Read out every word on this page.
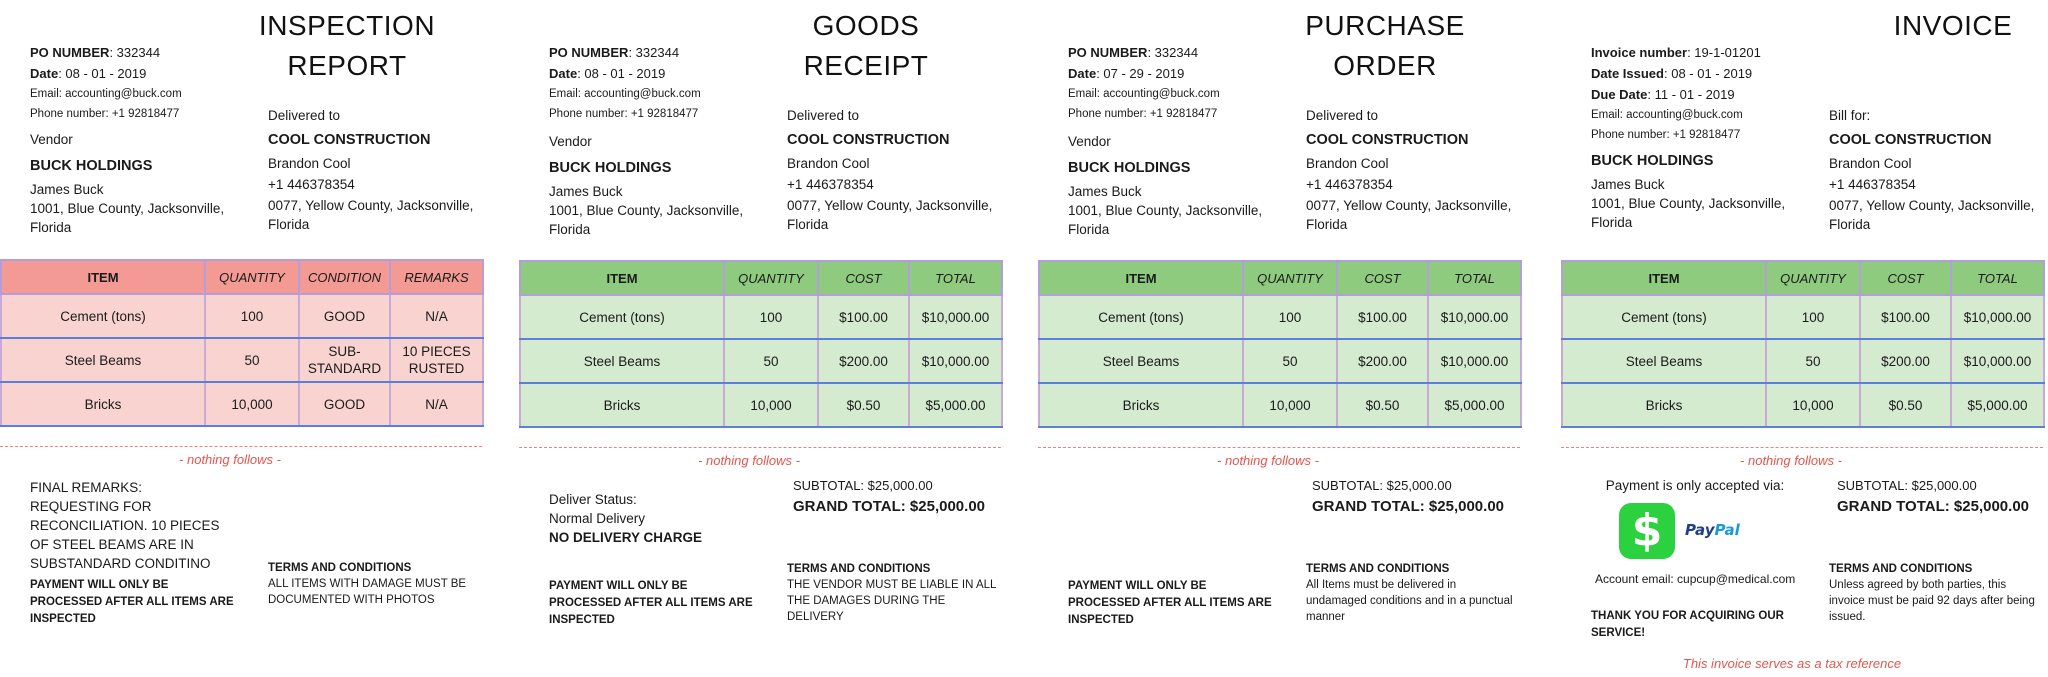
INSPECTION
REPORT
PO NUMBER: 332344
Date: 08 - 01 - 2019
Email: accounting@buck.com
Phone number: +1 92818477
Vendor
BUCK HOLDINGS
James Buck
1001, Blue County, Jacksonville, Florida
Delivered to
COOL CONSTRUCTION
Brandon Cool
+1 446378354
0077, Yellow County, Jacksonville, Florida
ITEM	QUANTITY	CONDITION	REMARKS
Cement (tons)	100	GOOD	N/A
Steel Beams	50	SUB-STANDARD	10 PIECES RUSTED
Bricks	10,000	GOOD	N/A
- nothing follows -
FINAL REMARKS: REQUESTING FOR RECONCILIATION. 10 PIECES OF STEEL BEAMS ARE IN SUBSTANDARD CONDITINO
PAYMENT WILL ONLY BE PROCESSED AFTER ALL ITEMS ARE INSPECTED
TERMS AND CONDITIONS
ALL ITEMS WITH DAMAGE MUST BE DOCUMENTED WITH PHOTOS
GOODS
RECEIPT
PO NUMBER: 332344
Date: 08 - 01 - 2019
Email: accounting@buck.com
Phone number: +1 92818477
Vendor
BUCK HOLDINGS
James Buck
1001, Blue County, Jacksonville, Florida
Delivered to
COOL CONSTRUCTION
Brandon Cool
+1 446378354
0077, Yellow County, Jacksonville, Florida
ITEM	QUANTITY	COST	TOTAL
Cement (tons)	100	$100.00	$10,000.00
Steel Beams	50	$200.00	$10,000.00
Bricks	10,000	$0.50	$5,000.00
- nothing follows -
Deliver Status:
Normal Delivery
NO DELIVERY CHARGE
SUBTOTAL: $25,000.00
GRAND TOTAL: $25,000.00
PAYMENT WILL ONLY BE PROCESSED AFTER ALL ITEMS ARE INSPECTED
TERMS AND CONDITIONS
THE VENDOR MUST BE LIABLE IN ALL THE DAMAGES DURING THE DELIVERY
PURCHASE
ORDER
PO NUMBER: 332344
Date: 07 - 29 - 2019
Email: accounting@buck.com
Phone number: +1 92818477
Vendor
BUCK HOLDINGS
James Buck
1001, Blue County, Jacksonville, Florida
Delivered to
COOL CONSTRUCTION
Brandon Cool
+1 446378354
0077, Yellow County, Jacksonville, Florida
ITEM	QUANTITY	COST	TOTAL
Cement (tons)	100	$100.00	$10,000.00
Steel Beams	50	$200.00	$10,000.00
Bricks	10,000	$0.50	$5,000.00
- nothing follows -
SUBTOTAL: $25,000.00
GRAND TOTAL: $25,000.00
PAYMENT WILL ONLY BE PROCESSED AFTER ALL ITEMS ARE INSPECTED
TERMS AND CONDITIONS
All Items must be delivered in undamaged conditions and in a punctual manner
INVOICE
Invoice number: 19-1-01201
Date Issued: 08 - 01 - 2019
Due Date: 11 - 01 - 2019
Email: accounting@buck.com
Phone number: +1 92818477
BUCK HOLDINGS
James Buck
1001, Blue County, Jacksonville, Florida
Bill for:
COOL CONSTRUCTION
Brandon Cool
+1 446378354
0077, Yellow County, Jacksonville, Florida
ITEM	QUANTITY	COST	TOTAL
Cement (tons)	100	$100.00	$10,000.00
Steel Beams	50	$200.00	$10,000.00
Bricks	10,000	$0.50	$5,000.00
- nothing follows -
Payment is only accepted via:
$	PayPal
Account email: cupcup@medical.com
THANK YOU FOR ACQUIRING OUR SERVICE!
SUBTOTAL: $25,000.00
GRAND TOTAL: $25,000.00
TERMS AND CONDITIONS
Unless agreed by both parties, this invoice must be paid 92 days after being issued.
This invoice serves as a tax reference
